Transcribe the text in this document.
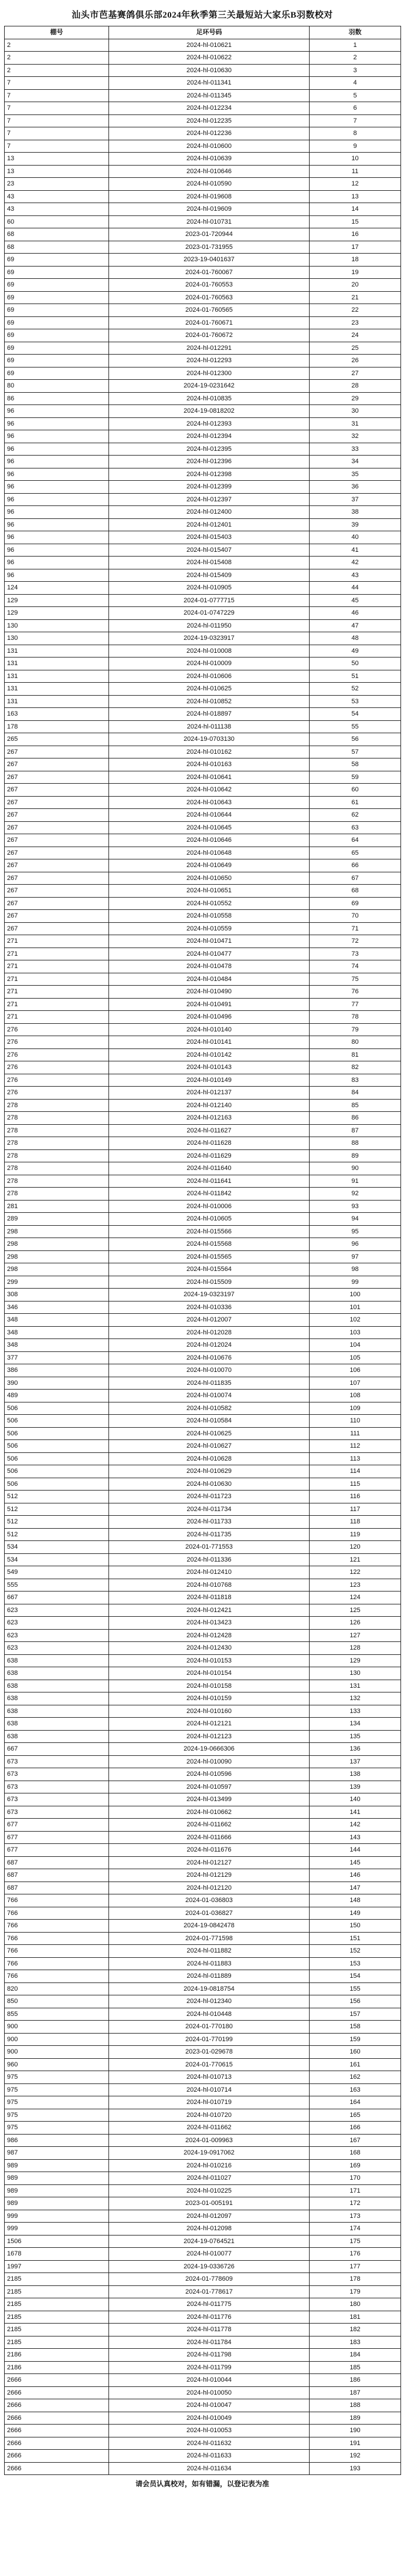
汕头市芭基赛鸽俱乐部2024年秋季第三关最短站大家乐B羽数校对
棚号	足环号码	羽数
2	2024-hl-010621	1
2	2024-hl-010622	2
2	2024-hl-010630	3
7	2024-hl-011341	4
7	2024-hl-011345	5
7	2024-hl-012234	6
7	2024-hl-012235	7
7	2024-hl-012236	8
7	2024-hl-010600	9
13	2024-hl-010639	10
13	2024-hl-010646	11
23	2024-hl-010590	12
43	2024-hl-019608	13
43	2024-hl-019609	14
60	2024-hl-010731	15
68	2023-01-720944	16
68	2023-01-731955	17
69	2023-19-0401637	18
69	2024-01-760067	19
69	2024-01-760553	20
69	2024-01-760563	21
69	2024-01-760565	22
69	2024-01-760671	23
69	2024-01-760672	24
69	2024-hl-012291	25
69	2024-hl-012293	26
69	2024-hl-012300	27
80	2024-19-0231642	28
86	2024-hl-010835	29
96	2024-19-0818202	30
96	2024-hl-012393	31
96	2024-hl-012394	32
96	2024-hl-012395	33
96	2024-hl-012396	34
96	2024-hl-012398	35
96	2024-hl-012399	36
96	2024-hl-012397	37
96	2024-hl-012400	38
96	2024-hl-012401	39
96	2024-hl-015403	40
96	2024-hl-015407	41
96	2024-hl-015408	42
96	2024-hl-015409	43
124	2024-hl-010905	44
129	2024-01-0777715	45
129	2024-01-0747229	46
130	2024-hl-011950	47
130	2024-19-0323917	48
131	2024-hl-010008	49
131	2024-hl-010009	50
131	2024-hl-010606	51
131	2024-hl-010625	52
131	2024-hl-010852	53
163	2024-hl-018897	54
178	2024-hl-011138	55
265	2024-19-0703130	56
267	2024-hl-010162	57
267	2024-hl-010163	58
267	2024-hl-010641	59
267	2024-hl-010642	60
267	2024-hl-010643	61
267	2024-hl-010644	62
267	2024-hl-010645	63
267	2024-hl-010646	64
267	2024-hl-010648	65
267	2024-hl-010649	66
267	2024-hl-010650	67
267	2024-hl-010651	68
267	2024-hl-010552	69
267	2024-hl-010558	70
267	2024-hl-010559	71
271	2024-hl-010471	72
271	2024-hl-010477	73
271	2024-hl-010478	74
271	2024-hl-010484	75
271	2024-hl-010490	76
271	2024-hl-010491	77
271	2024-hl-010496	78
276	2024-hl-010140	79
276	2024-hl-010141	80
276	2024-hl-010142	81
276	2024-hl-010143	82
276	2024-hl-010149	83
276	2024-hl-012137	84
278	2024-hl-012140	85
278	2024-hl-012163	86
278	2024-hl-011627	87
278	2024-hl-011628	88
278	2024-hl-011629	89
278	2024-hl-011640	90
278	2024-hl-011641	91
278	2024-hl-011842	92
281	2024-hl-010006	93
289	2024-hl-010605	94
298	2024-hl-015566	95
298	2024-hl-015568	96
298	2024-hl-015565	97
298	2024-hl-015564	98
299	2024-hl-015509	99
308	2024-19-0323197	100
346	2024-hl-010336	101
348	2024-hl-012007	102
348	2024-hl-012028	103
348	2024-hl-012024	104
377	2024-hl-010676	105
386	2024-hl-010070	106
390	2024-hl-011835	107
489	2024-hl-010074	108
506	2024-hl-010582	109
506	2024-hl-010584	110
506	2024-hl-010625	111
506	2024-hl-010627	112
506	2024-hl-010628	113
506	2024-hl-010629	114
506	2024-hl-010630	115
512	2024-hl-011723	116
512	2024-hl-011734	117
512	2024-hl-011733	118
512	2024-hl-011735	119
534	2024-01-771553	120
534	2024-hl-011336	121
549	2024-hl-012410	122
555	2024-hl-010768	123
667	2024-hl-011818	124
623	2024-hl-012421	125
623	2024-hl-013423	126
623	2024-hl-012428	127
623	2024-hl-012430	128
638	2024-hl-010153	129
638	2024-hl-010154	130
638	2024-hl-010158	131
638	2024-hl-010159	132
638	2024-hl-010160	133
638	2024-hl-012121	134
638	2024-hl-012123	135
667	2024-19-0666306	136
673	2024-hl-010090	137
673	2024-hl-010596	138
673	2024-hl-010597	139
673	2024-hl-013499	140
673	2024-hl-010662	141
677	2024-hl-011662	142
677	2024-hl-011666	143
677	2024-hl-011676	144
687	2024-hl-012127	145
687	2024-hl-012129	146
687	2024-hl-012120	147
766	2024-01-036803	148
766	2024-01-036827	149
766	2024-19-0842478	150
766	2024-01-771598	151
766	2024-hl-011882	152
766	2024-hl-011883	153
766	2024-hl-011889	154
820	2024-19-0818754	155
850	2024-hl-012340	156
855	2024-hl-010448	157
900	2024-01-770180	158
900	2024-01-770199	159
900	2023-01-029678	160
960	2024-01-770615	161
975	2024-hl-010713	162
975	2024-hl-010714	163
975	2024-hl-010719	164
975	2024-hl-010720	165
975	2024-hl-011662	166
986	2024-01-009963	167
987	2024-19-0917062	168
989	2024-hl-010216	169
989	2024-hl-011027	170
989	2024-hl-010225	171
989	2023-01-005191	172
999	2024-hl-012097	173
999	2024-hl-012098	174
1506	2024-19-0764521	175
1678	2024-hl-010077	176
1997	2024-19-0336726	177
2185	2024-01-778609	178
2185	2024-01-778617	179
2185	2024-hl-011775	180
2185	2024-hl-011776	181
2185	2024-hl-011778	182
2185	2024-hl-011784	183
2186	2024-hl-011798	184
2186	2024-hl-011799	185
2666	2024-hl-010044	186
2666	2024-hl-010050	187
2666	2024-hl-010047	188
2666	2024-hl-010049	189
2666	2024-hl-010053	190
2666	2024-hl-011632	191
2666	2024-hl-011633	192
2666	2024-hl-011634	193
请会员认真校对，如有错漏，以登记表为准
